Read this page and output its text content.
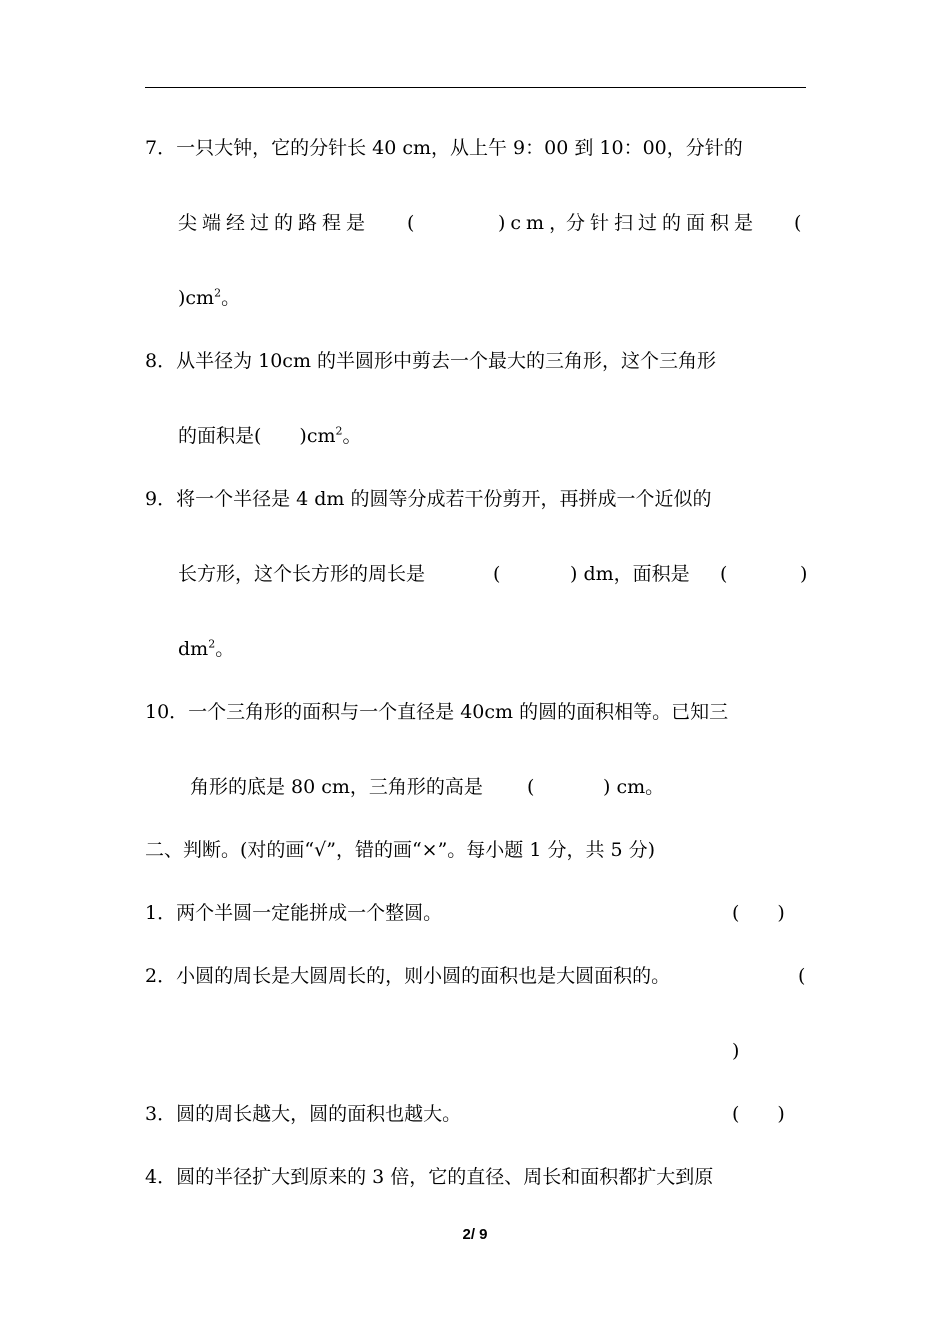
7．一只大钟，它的分针长 40 cm，从上午 9：00 到 10：00，分针的
尖端经过的路程是 (	)cm，
分针扫过的面积是 (
)$cm^2$。
8．从半径为 10cm 的半圆形中剪去一个最大的三角形，这个三角形
的面积是(　　)$cm^2$。
9．将一个半径是 4 dm 的圆等分成若干份剪开，再拼成一个近似的
长方形，这个长方形的周长是	(	) dm，面积是 (	)
$dm^2$。
10．一个三角形的面积与一个直径是 40cm 的圆的面积相等。已知三
角形的底是 80 cm，三角形的高是 (	) cm。
二、判断。(对的画“√”，错的画“×”。每小题 1 分，共 5 分)
1．两个半圆一定能拼成一个整圆。	(　　)
2．小圆的周长是大圆周长的，则小圆的面积也是大圆面积的。	(
)
3．圆的周长越大，圆的面积也越大。	(　　)
4．圆的半径扩大到原来的 3 倍，它的直径、周长和面积都扩大到原
2/ 9
